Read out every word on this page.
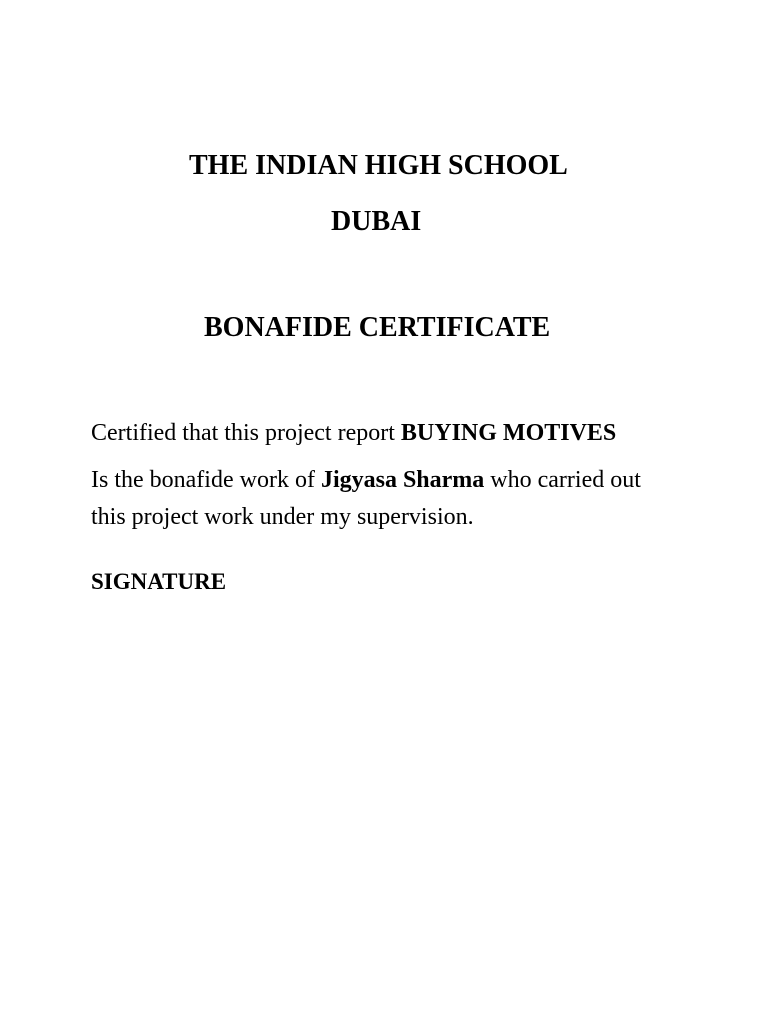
THE INDIAN HIGH SCHOOL
DUBAI
BONAFIDE CERTIFICATE
Certified that this project report BUYING MOTIVES
Is the bonafide work of Jigyasa Sharma who carried out
this project work under my supervision.
SIGNATURE
